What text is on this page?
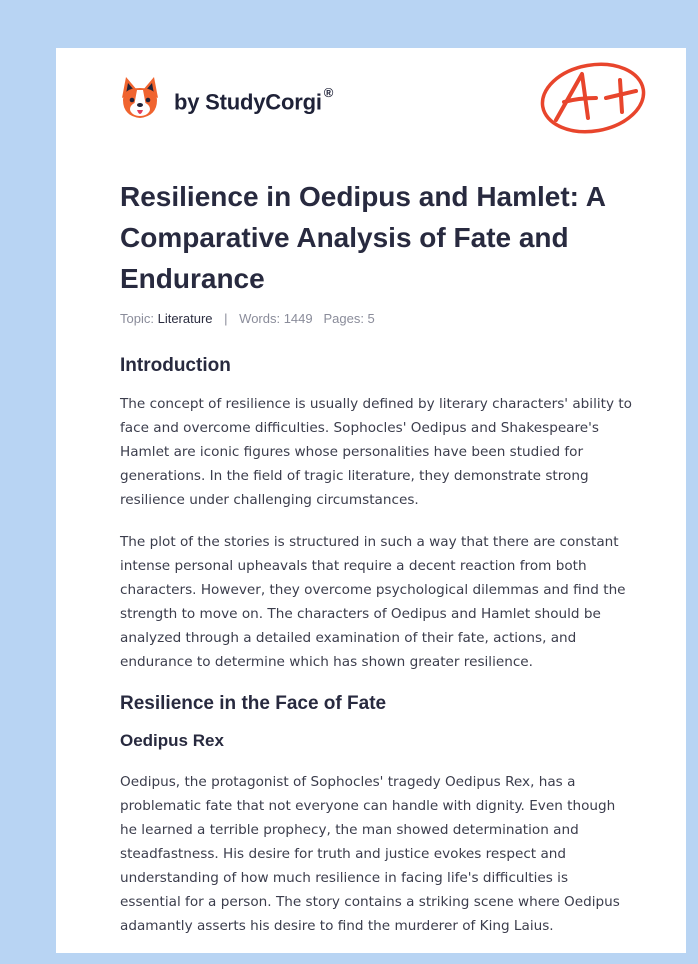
by StudyCorgi ®
Resilience in Oedipus and Hamlet: A Comparative Analysis of Fate and Endurance
Topic: Literature | Words: 1449 Pages: 5
Introduction

The concept of resilience is usually defined by literary characters' ability to face and overcome difficulties. Sophocles' Oedipus and Shakespeare's Hamlet are iconic figures whose personalities have been studied for generations. In the field of tragic literature, they demonstrate strong resilience under challenging circumstances.

The plot of the stories is structured in such a way that there are constant intense personal upheavals that require a decent reaction from both characters. However, they overcome psychological dilemmas and find the strength to move on. The characters of Oedipus and Hamlet should be analyzed through a detailed examination of their fate, actions, and endurance to determine which has shown greater resilience.

Resilience in the Face of Fate
Oedipus Rex

Oedipus, the protagonist of Sophocles' tragedy Oedipus Rex, has a problematic fate that not everyone can handle with dignity. Even though he learned a terrible prophecy, the man showed determination and steadfastness. His desire for truth and justice evokes respect and understanding of how much resilience in facing life's difficulties is essential for a person. The story contains a striking scene where Oedipus adamantly asserts his desire to find the murderer of King Laius.
